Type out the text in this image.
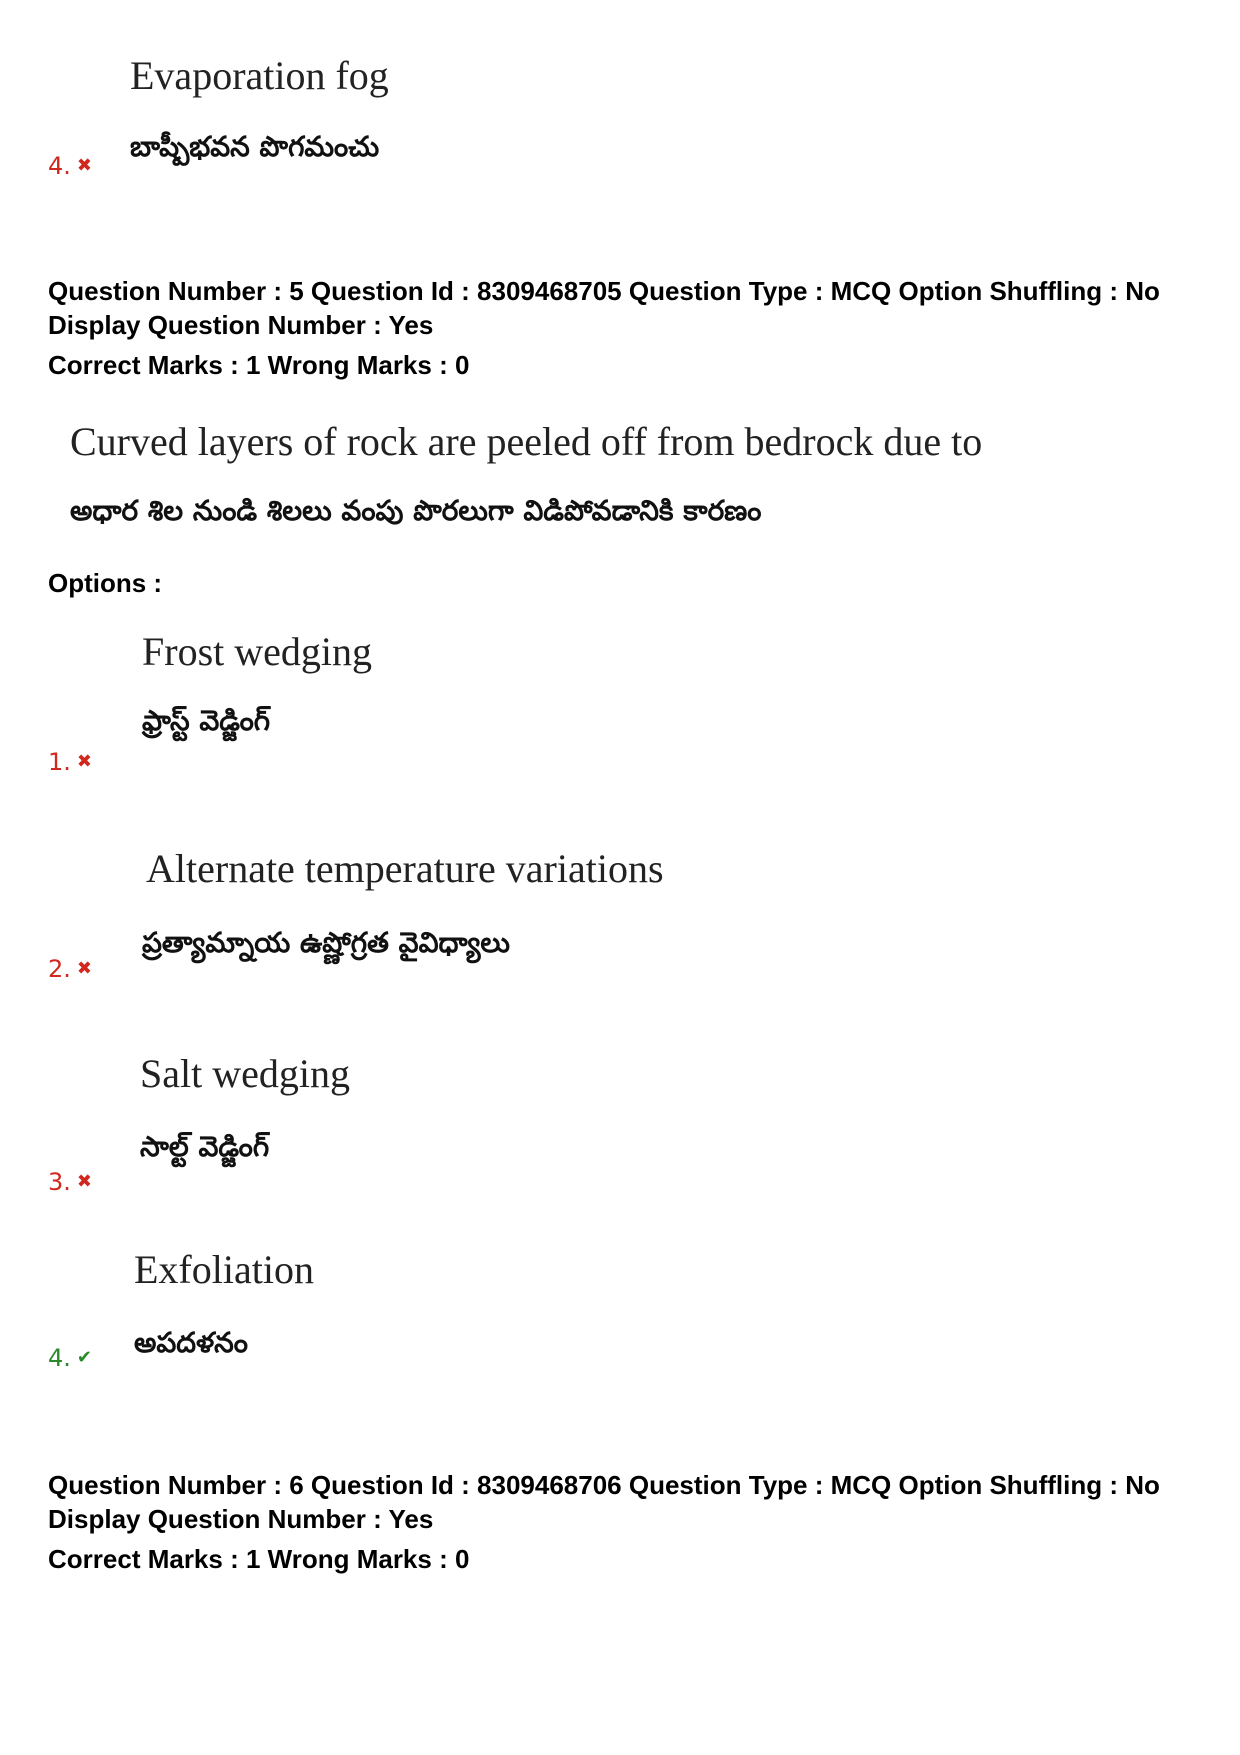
Evaporation fog
బాష్పీభవన పొగమంచు
4. ✖
Question Number : 5 Question Id : 8309468705 Question Type : MCQ Option Shuffling : No
Display Question Number : Yes
Correct Marks : 1 Wrong Marks : 0
Curved layers of rock are peeled off from bedrock due to
అధార శిల నుండి శిలలు వంపు పొరలుగా విడిపోవడానికి కారణం
Options :
Frost wedging
ఫ్రాస్ట్ వెడ్జింగ్
1. ✖
Alternate temperature variations
ప్రత్యామ్నాయ ఉష్ణోగ్రత వైవిధ్యాలు
2. ✖
Salt wedging
సాల్ట్ వెడ్జింగ్
3. ✖
Exfoliation
అపదళనం
4. ✔
Question Number : 6 Question Id : 8309468706 Question Type : MCQ Option Shuffling : No
Display Question Number : Yes
Correct Marks : 1 Wrong Marks : 0
